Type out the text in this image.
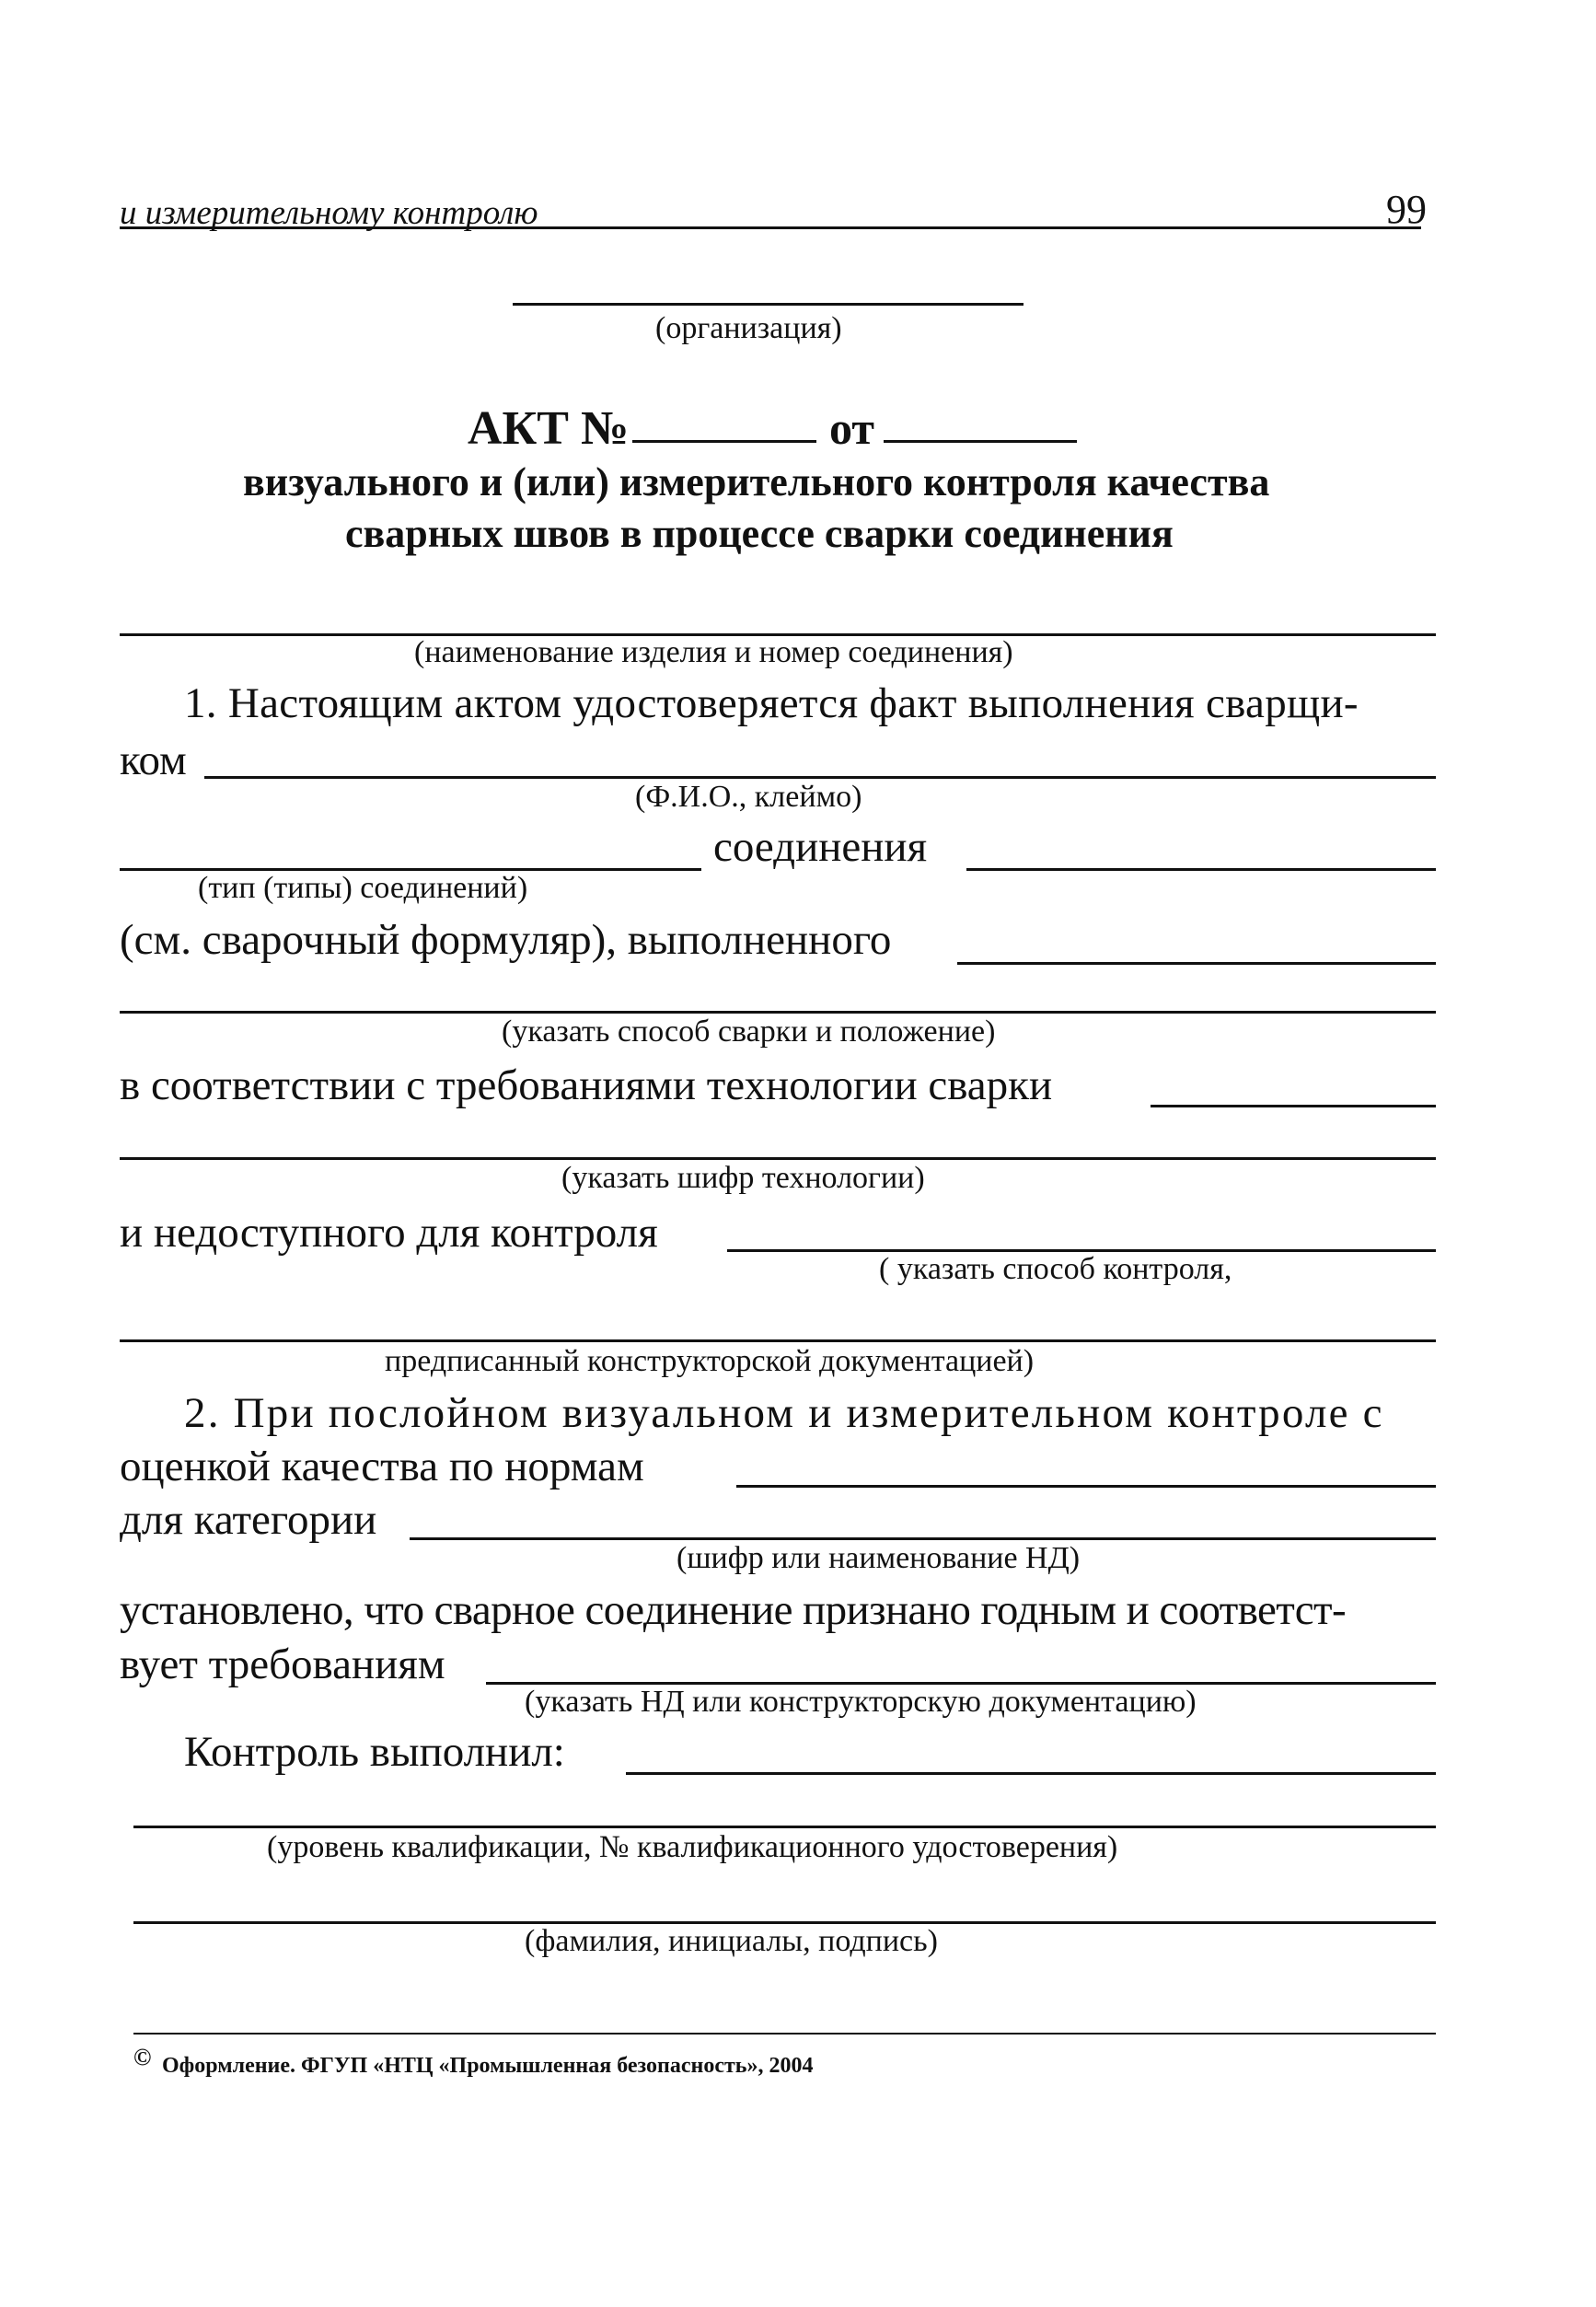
и измерительному контролю	99
(организация)
АКТ №	от
визуального и (или) измерительного контроля качества
сварных швов в процессе сварки соединения
(наименование изделия и номер соединения)
1. Настоящим актом удостоверяется факт выполнения сварщи-
ком
(Ф.И.О., клеймо)
соединения
(тип (типы) соединений)
(см. сварочный формуляр), выполненного
(указать способ сварки и положение)
в соответствии с требованиями технологии сварки
(указать шифр технологии)
и недоступного для контроля
( указать способ контроля,
предписанный конструкторской документацией)
2. При послойном визуальном и измерительном контроле с
оценкой качества по нормам
для категории
(шифр или наименование НД)
установлено, что сварное соединение признано годным и соответст-
вует требованиям
(указать НД или конструкторскую документацию)
Контроль выполнил:
(уровень квалификации, № квалификационного удостоверения)
(фамилия, инициалы, подпись)
© Оформление. ФГУП «НТЦ «Промышленная безопасность», 2004
